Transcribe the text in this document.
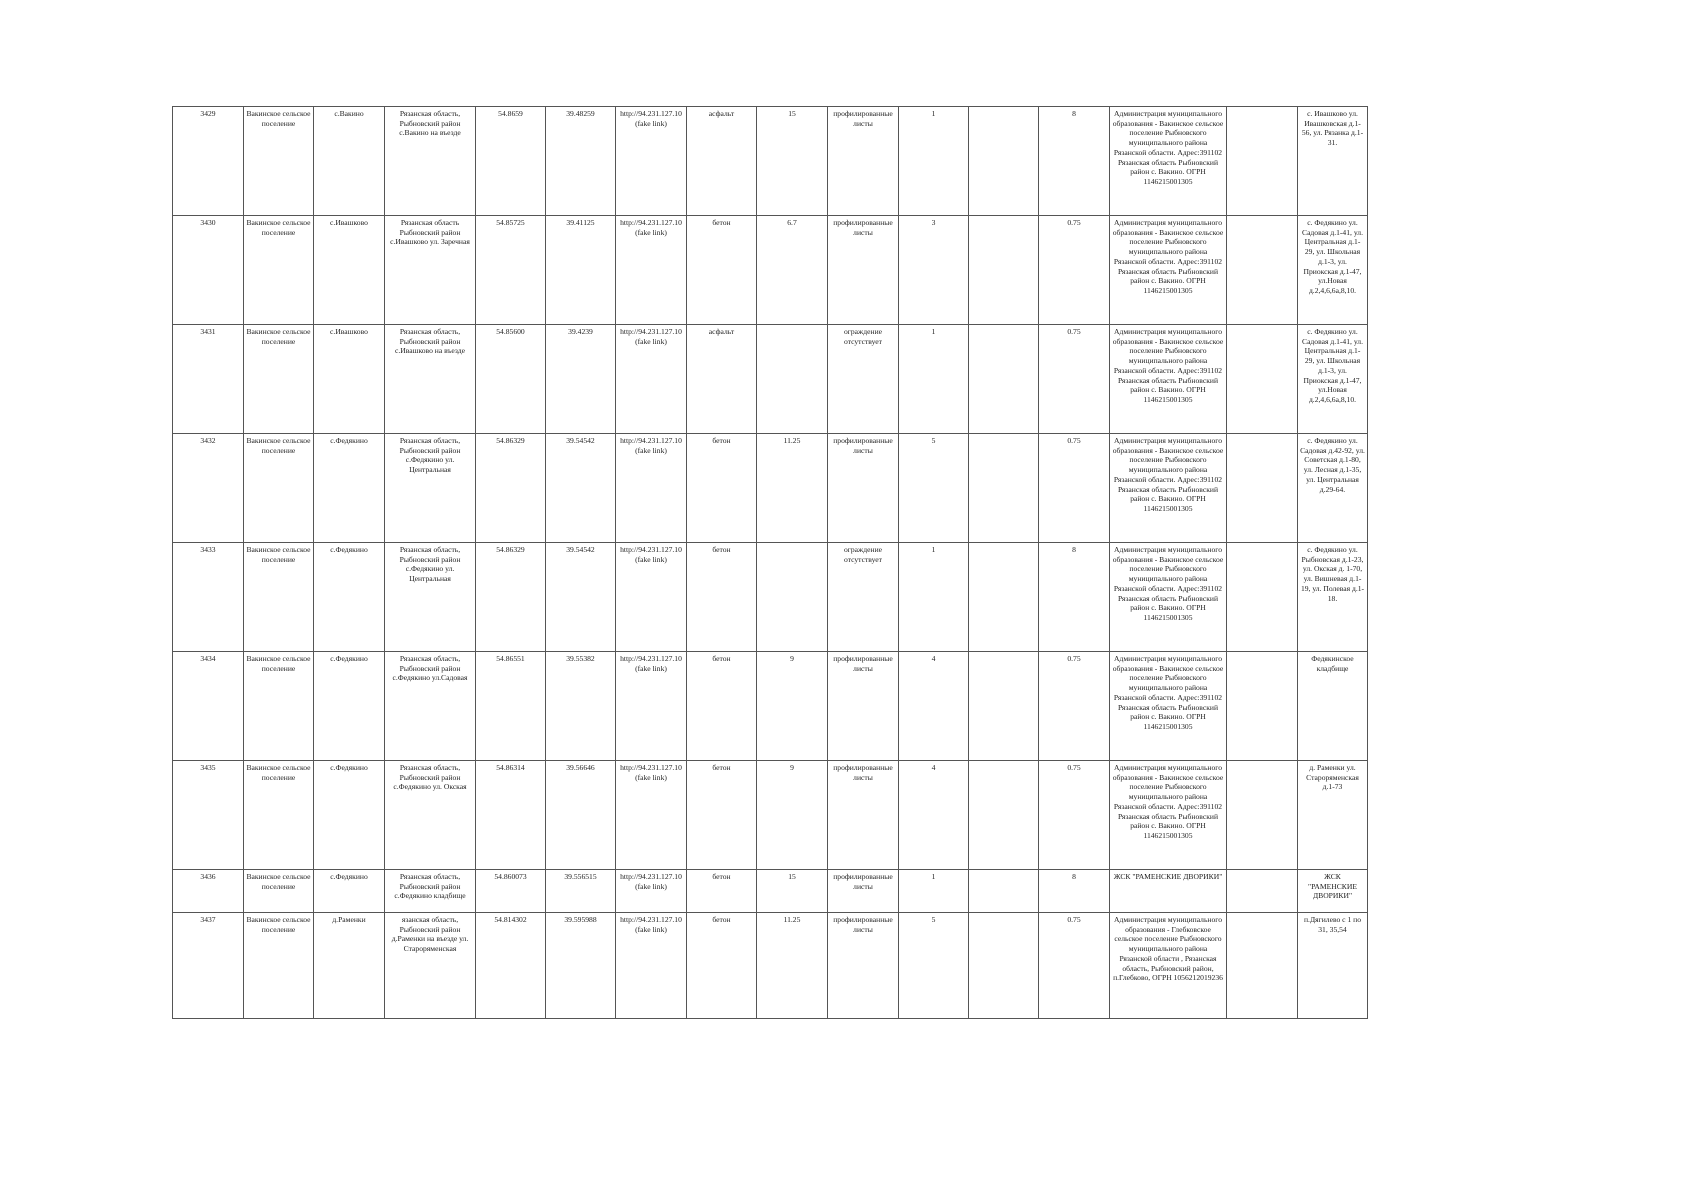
3429	Вакинское сельское поселение	с.Вакино	Рязанская область, Рыбновский район с.Вакино на въезде	54.8659	39.48259	http://94.231.127.10 (fake link)	асфальт	15	профилированные листы	1		8	Администрация муниципального образования - Вакинское сельское поселение Рыбновского муниципального района Рязанской области. Адрес:391102 Рязанская область Рыбновский район с. Вакино. ОГРН 1146215001305		с. Ивашково ул. Ивашковская д.1-56, ул. Рязанка д.1-31.
3430	Вакинское сельское поселение	с.Ивашково	Рязанская область Рыбновский район с.Ивашково ул. Заречная	54.85725	39.41125	http://94.231.127.10 (fake link)	бетон	6.7	профилированные листы	3		0.75	Администрация муниципального образования - Вакинское сельское поселение Рыбновского муниципального района Рязанской области. Адрес:391102 Рязанская область Рыбновский район с. Вакино. ОГРН 1146215001305		с. Федякино ул. Садовая д.1-41, ул. Центральная д.1-29, ул. Школьная д.1-3, ул. Приокская д.1-47, ул.Новая д.2,4,6,6а,8,10.
3431	Вакинское сельское поселение	с.Ивашково	Рязанская область, Рыбновский район с.Ивашково на въезде	54.85600	39.4239	http://94.231.127.10 (fake link)	асфальт		ограждение отсутствует	1		0.75	Администрация муниципального образования - Вакинское сельское поселение Рыбновского муниципального района Рязанской области. Адрес:391102 Рязанская область Рыбновский район с. Вакино. ОГРН 1146215001305		с. Федякино ул. Садовая д.1-41, ул. Центральная д.1-29, ул. Школьная д.1-3, ул. Приокская д.1-47, ул.Новая д.2,4,6,6а,8,10.
3432	Вакинское сельское поселение	с.Федякино	Рязанская область, Рыбновский район с.Федякино ул. Центральная	54.86329	39.54542	http://94.231.127.10 (fake link)	бетон	11.25	профилированные листы	5		0.75	Администрация муниципального образования - Вакинское сельское поселение Рыбновского муниципального района Рязанской области. Адрес:391102 Рязанская область Рыбновский район с. Вакино. ОГРН 1146215001305		с. Федякино ул. Садовая д.42-92, ул. Советская д.1-80, ул. Лесная д.1-35, ул. Центральная д.29-64.
3433	Вакинское сельское поселение	с.Федякино	Рязанская область, Рыбновский район с.Федякино ул. Центральная	54.86329	39.54542	http://94.231.127.10 (fake link)	бетон		ограждение отсутствует	1		8	Администрация муниципального образования - Вакинское сельское поселение Рыбновского муниципального района Рязанской области. Адрес:391102 Рязанская область Рыбновский район с. Вакино. ОГРН 1146215001305		с. Федякино ул. Рыбновская д.1-23, ул. Окская д. 1-70, ул. Вишневая д.1-19, ул. Полевая д.1-18.
3434	Вакинское сельское поселение	с.Федякино	Рязанская область, Рыбновский район с.Федякино ул.Садовая	54.86551	39.55382	http://94.231.127.10 (fake link)	бетон	9	профилированные листы	4		0.75	Администрация муниципального образования - Вакинское сельское поселение Рыбновского муниципального района Рязанской области. Адрес:391102 Рязанская область Рыбновский район с. Вакино. ОГРН 1146215001305		Федякинское кладбище
3435	Вакинское сельское поселение	с.Федякино	Рязанская область, Рыбновский район с.Федякино ул. Окская	54.86314	39.56646	http://94.231.127.10 (fake link)	бетон	9	профилированные листы	4		0.75	Администрация муниципального образования - Вакинское сельское поселение Рыбновского муниципального района Рязанской области. Адрес:391102 Рязанская область Рыбновский район с. Вакино. ОГРН 1146215001305		д. Раменки ул. Староряменская д.1-73
3436	Вакинское сельское поселение	с.Федякино	Рязанская область, Рыбновский район с.Федякино кладбище	54.860073	39.556515	http://94.231.127.10 (fake link)	бетон	15	профилированные листы	1		8	ЖСК "РАМЕНСКИЕ ДВОРИКИ"		ЖСК "РАМЕНСКИЕ ДВОРИКИ"
3437	Вакинское сельское поселение	д.Раменки	язанская область, Рыбновский район д.Раменки на въезде ул. Староряменская	54.814302	39.595988	http://94.231.127.10 (fake link)	бетон	11.25	профилированные листы	5		0.75	Администрация муниципального образования - Глебковское сельское поселение Рыбновского муниципального района Рязанской области , Рязанская область, Рыбновский район, п.Глебково, ОГРН 1056212019236		п.Дягилево с 1 по 31, 35,54
